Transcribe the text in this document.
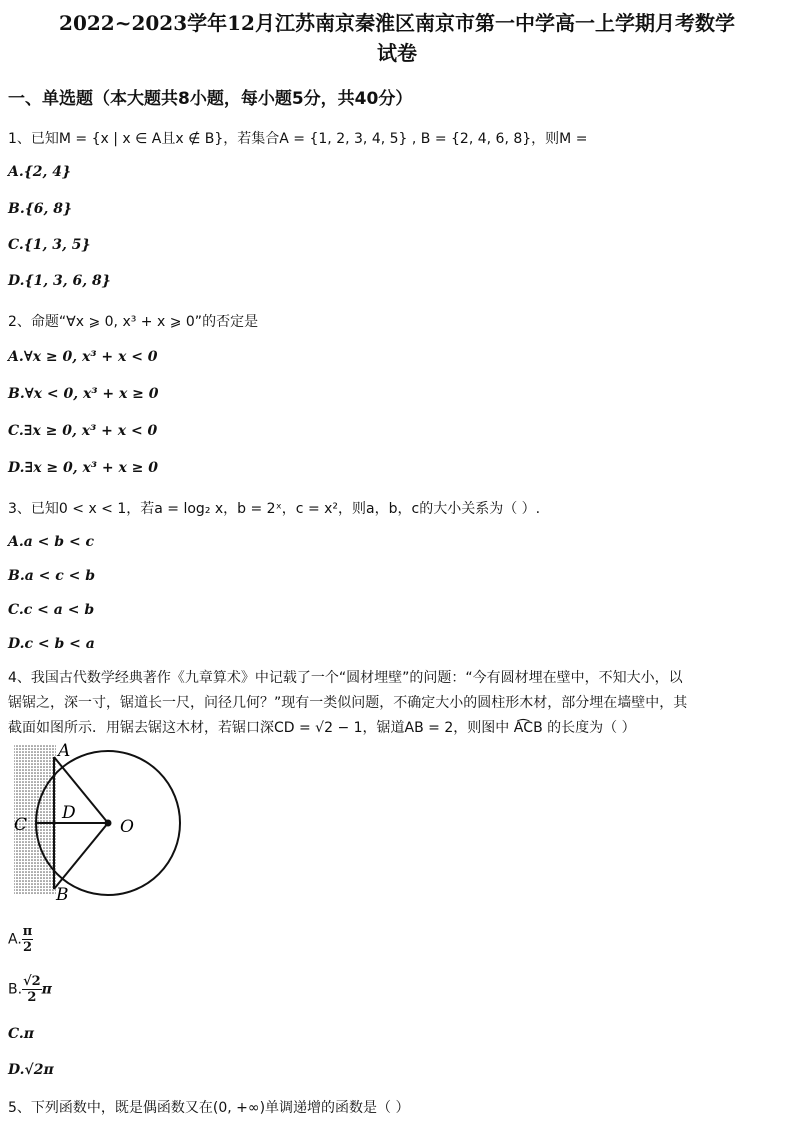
2022~2023学年12月江苏南京秦淮区南京市第一中学高一上学期月考数学
试卷
一、单选题（本大题共8小题，每小题5分，共40分）
1、已知M = {x | x ∈ A且x ∉ B}，若集合A = {1, 2, 3, 4, 5} , B = {2, 4, 6, 8}，则M =
A.{2, 4}
B.{6, 8}
C.{1, 3, 5}
D.{1, 3, 6, 8}
2、命题“∀x ⩾ 0, x³ + x ⩾ 0”的否定是
A.∀x ≥ 0, x³ + x < 0
B.∀x < 0, x³ + x ≥ 0
C.∃x ≥ 0, x³ + x < 0
D.∃x ≥ 0, x³ + x ≥ 0
3、已知0 < x < 1，若a = log₂ x，b = 2ˣ，c = x²，则a，b，c的大小关系为（ ）.
A.a < b < c
B.a < c < b
C.c < a < b
D.c < b < a
4、我国古代数学经典著作《九章算术》中记载了一个“圆材埋壁”的问题：“今有圆材埋在壁中，不知大小，以
锯锯之，深一寸，锯道长一尺，问径几何？”现有一类似问题，不确定大小的圆柱形木材，部分埋在墙壁中，其
截面如图所示．用锯去锯这木材，若锯口深CD = √2 − 1，锯道AB = 2，则图中 A͡CB 的长度为（ ）
A
B
C
D
O
A. $\frac{\pi}{2}$
B. $\frac{√2}{2}$ π
C.π
D.√2π
5、下列函数中，既是偶函数又在(0, +∞)单调递增的函数是（ ）
